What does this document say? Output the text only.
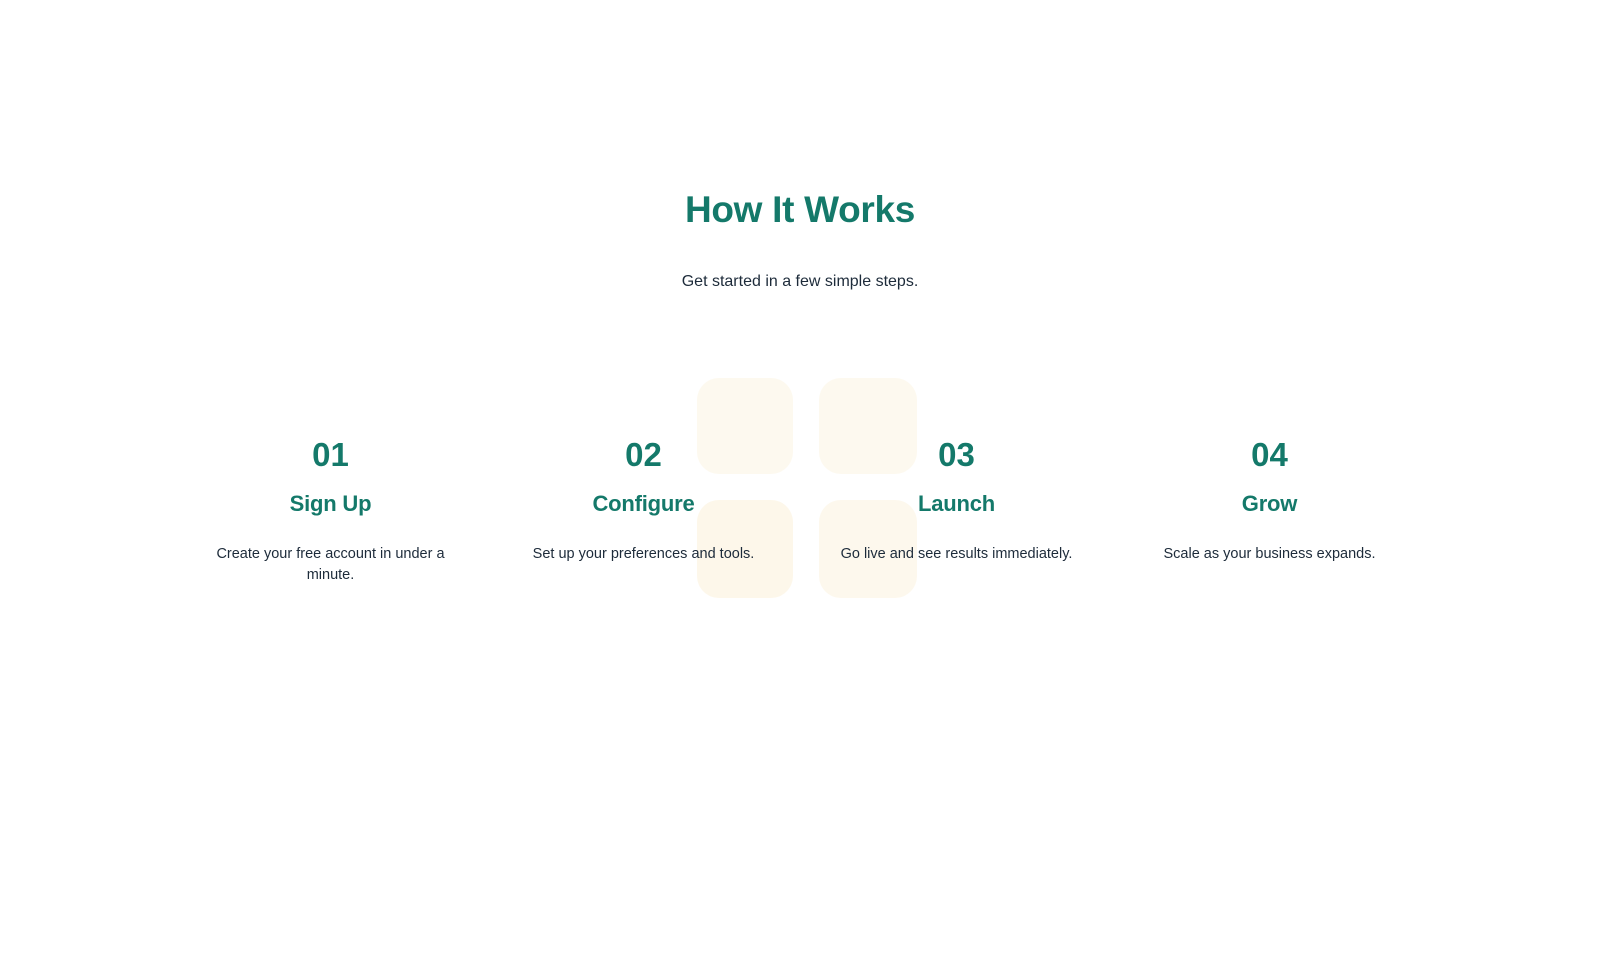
How It Works

Get started in a few simple steps.

01
Sign Up
Create your free account in under a minute.
02
Configure
Set up your preferences and tools.
03
Launch
Go live and see results immediately.
04
Grow
Scale as your business expands.
